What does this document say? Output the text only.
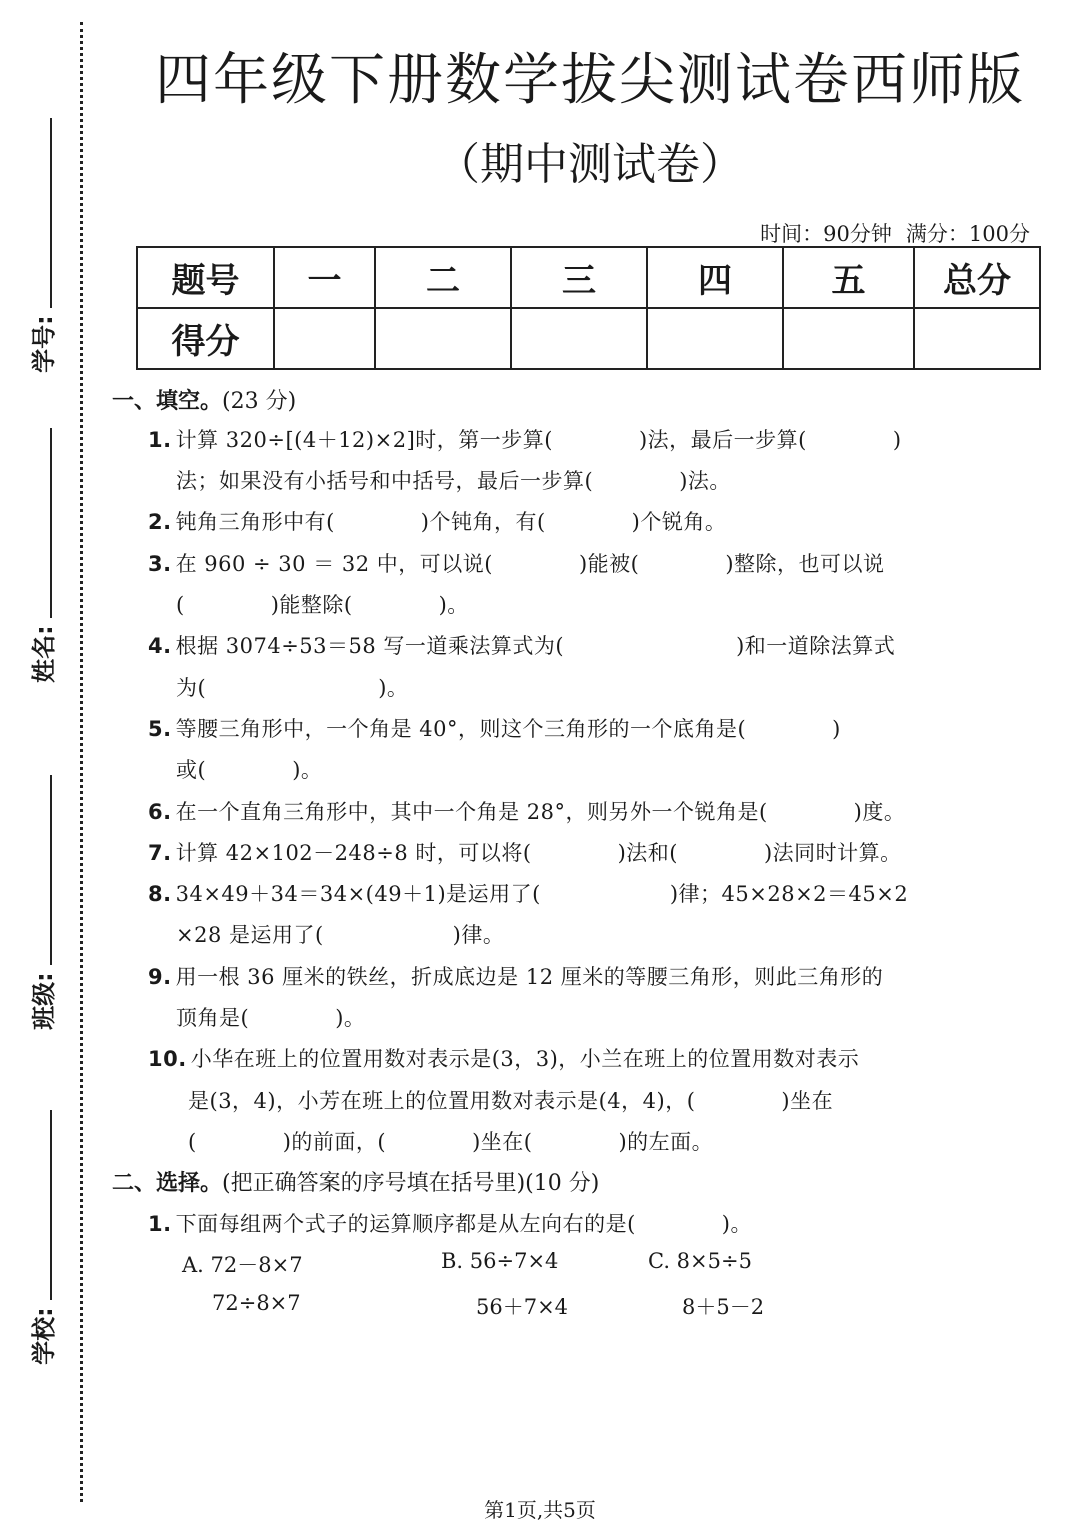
学号:
姓名:
班级:
学校:
四年级下册数学拔尖测试卷西师版
（期中测试卷）
时间：90分钟 满分：100分
题号	一	二	三	四	五	总分
得分						
一、填空。(23 分)
1. 计算 320÷[(4＋12)×2]时，第一步算(　　　　)法，最后一步算(　　　　)
法；如果没有小括号和中括号，最后一步算(　　　　)法。
2. 钝角三角形中有(　　　　)个钝角，有(　　　　)个锐角。
3. 在 960 ÷ 30 ＝ 32 中，可以说(　　　　)能被(　　　　)整除，也可以说
(　　　　)能整除(　　　　)。
4. 根据 3074÷53＝58 写一道乘法算式为(　　　　　　　　)和一道除法算式
为(　　　　　　　　)。
5. 等腰三角形中，一个角是 40°，则这个三角形的一个底角是(　　　　)
或(　　　　)。
6. 在一个直角三角形中，其中一个角是 28°，则另外一个锐角是(　　　　)度。
7. 计算 42×102－248÷8 时，可以将(　　　　)法和(　　　　)法同时计算。
8. 34×49＋34＝34×(49＋1)是运用了(　　　　　　)律；45×28×2＝45×2
×28 是运用了(　　　　　　)律。
9. 用一根 36 厘米的铁丝，折成底边是 12 厘米的等腰三角形，则此三角形的
顶角是(　　　　)。
10. 小华在班上的位置用数对表示是(3，3)，小兰在班上的位置用数对表示
是(3，4)，小芳在班上的位置用数对表示是(4，4)，(　　　　)坐在
(　　　　)的前面，(　　　　)坐在(　　　　)的左面。
二、选择。(把正确答案的序号填在括号里)(10 分)
1. 下面每组两个式子的运算顺序都是从左向右的是(　　　　)。
A. 72－8×7
72÷8×7
B. 56÷7×4
56＋7×4
C. 8×5÷5
8＋5－2
第1页,共5页
